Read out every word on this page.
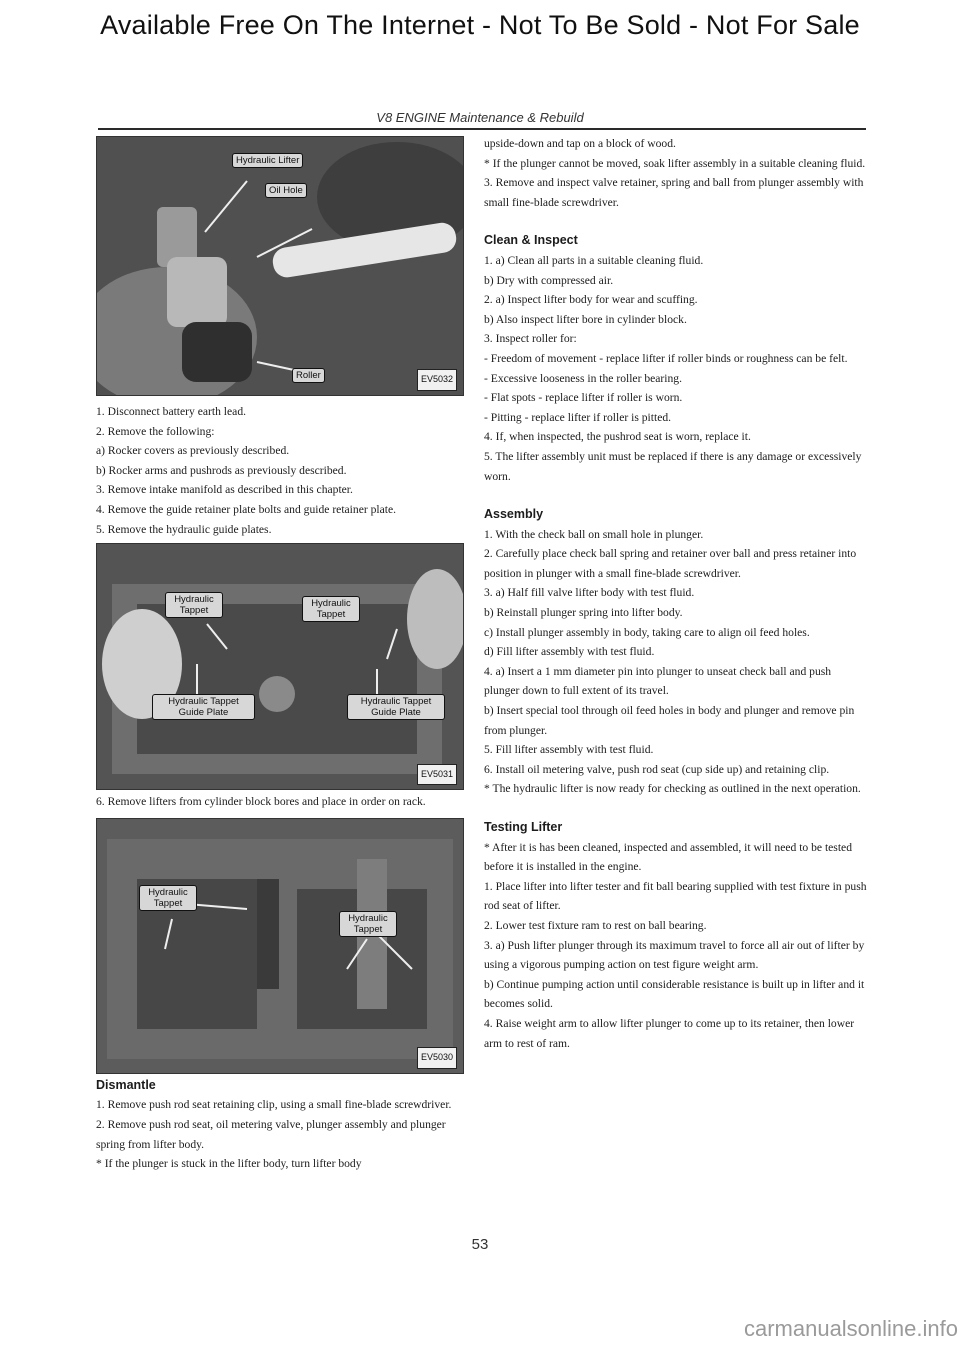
Available Free On The Internet - Not To Be Sold - Not For Sale
V8 ENGINE Maintenance & Rebuild
Hydraulic Lifter
Oil Hole
Roller	EV5032

1. Disconnect battery earth lead.

2. Remove the following:

a) Rocker covers as previously described.

b) Rocker arms and pushrods as previously described.

3. Remove intake manifold as described in this chapter.

4. Remove the guide retainer plate bolts and guide retainer plate.

5. Remove the hydraulic guide plates.

Hydraulic Tappet
Hydraulic Tappet
Hydraulic Tappet Guide Plate
Hydraulic Tappet Guide Plate
EV5031

6. Remove lifters from cylinder block bores and place in order on rack.

Hydraulic Tappet
Hydraulic Tappet
EV5030

Dismantle

1. Remove push rod seat retaining clip, using a small fine-blade screwdriver.

2. Remove push rod seat, oil metering valve, plunger assembly and plunger spring from lifter body.

* If the plunger is stuck in the lifter body, turn lifter body

upside-down and tap on a block of wood.

* If the plunger cannot be moved, soak lifter assembly in a suitable cleaning fluid.

3. Remove and inspect valve retainer, spring and ball from plunger assembly with small fine-blade screwdriver.

Clean & Inspect

1. a) Clean all parts in a suitable cleaning fluid.

b) Dry with compressed air.

2. a) Inspect lifter body for wear and scuffing.

b) Also inspect lifter bore in cylinder block.

3. Inspect roller for:

- Freedom of movement - replace lifter if roller binds or roughness can be felt.

- Excessive looseness in the roller bearing.

- Flat spots - replace lifter if roller is worn.

- Pitting - replace lifter if roller is pitted.

4. If, when inspected, the pushrod seat is worn, replace it.

5. The lifter assembly unit must be replaced if there is any damage or excessively worn.

Assembly

1. With the check ball on small hole in plunger.

2. Carefully place check ball spring and retainer over ball and press retainer into position in plunger with a small fine-blade screwdriver.

3. a) Half fill valve lifter body with test fluid.

b) Reinstall plunger spring into lifter body.

c) Install plunger assembly in body, taking care to align oil feed holes.

d) Fill lifter assembly with test fluid.

4. a) Insert a 1 mm diameter pin into plunger to unseat check ball and push plunger down to full extent of its travel.

b) Insert special tool through oil feed holes in body and plunger and remove pin from plunger.

5. Fill lifter assembly with test fluid.

6. Install oil metering valve, push rod seat (cup side up) and retaining clip.

* The hydraulic lifter is now ready for checking as outlined in the next operation.

Testing Lifter

* After it is has been cleaned, inspected and assembled, it will need to be tested before it is installed in the engine.

1. Place lifter into lifter tester and fit ball bearing supplied with test fixture in push rod seat of lifter.

2. Lower test fixture ram to rest on ball bearing.

3. a) Push lifter plunger through its maximum travel to force all air out of lifter by using a vigorous pumping action on test figure weight arm.

b) Continue pumping action until considerable resistance is built up in lifter and it becomes solid.

4. Raise weight arm to allow lifter plunger to come up to its retainer, then lower arm to rest of ram.

53
carmanualsonline.info
